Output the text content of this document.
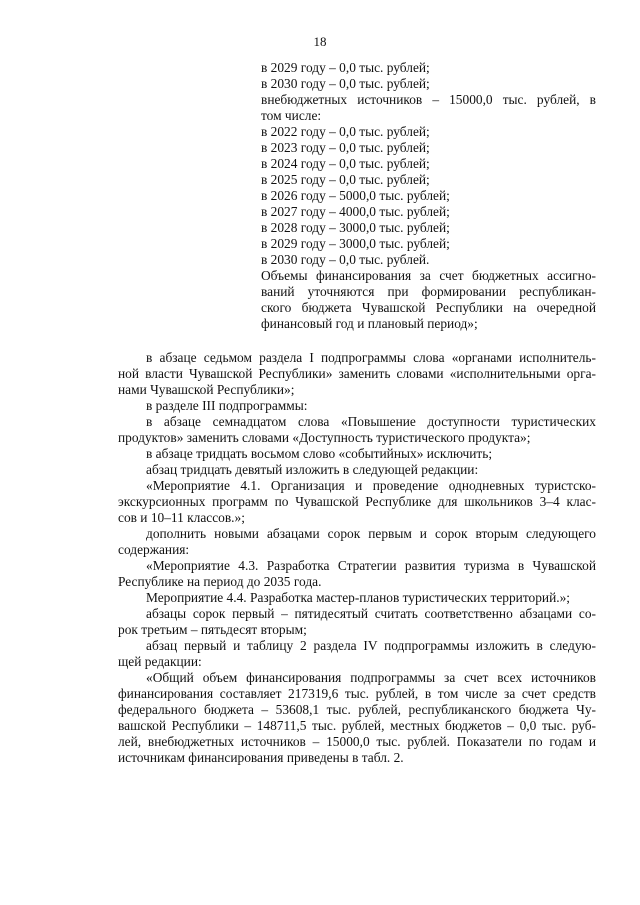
18
в 2029 году – 0,0 тыс. рублей;
в 2030 году – 0,0 тыс. рублей;
внебюджетных источников – 15000,0 тыс. рублей, в
том числе:
в 2022 году – 0,0 тыс. рублей;
в 2023 году – 0,0 тыс. рублей;
в 2024 году – 0,0 тыс. рублей;
в 2025 году – 0,0 тыс. рублей;
в 2026 году – 5000,0 тыс. рублей;
в 2027 году – 4000,0 тыс. рублей;
в 2028 году – 3000,0 тыс. рублей;
в 2029 году – 3000,0 тыс. рублей;
в 2030 году – 0,0 тыс. рублей.
Объемы финансирования за счет бюджетных ассигно-
ваний уточняются при формировании республикан-
ского бюджета Чувашской Республики на очередной
финансовый год и плановый период»;
в абзаце седьмом раздела I подпрограммы слова «органами исполнитель-
ной власти Чувашской Республики» заменить словами «исполнительными орга-
нами Чувашской Республики»;
в разделе III подпрограммы:
в абзаце семнадцатом слова «Повышение доступности туристических
продуктов» заменить словами «Доступность туристического продукта»;
в абзаце тридцать восьмом слово «событийных» исключить;
абзац тридцать девятый изложить в следующей редакции:
«Мероприятие 4.1. Организация и проведение однодневных туристско-
экскурсионных программ по Чувашской Республике для школьников 3–4 клас-
сов и 10–11 классов.»;
дополнить новыми абзацами сорок первым и сорок вторым следующего
содержания:
«Мероприятие 4.3. Разработка Стратегии развития туризма в Чувашской
Республике на период до 2035 года.
Мероприятие 4.4. Разработка мастер-планов туристических территорий.»;
абзацы сорок первый – пятидесятый считать соответственно абзацами со-
рок третьим – пятьдесят вторым;
абзац первый и таблицу 2 раздела IV подпрограммы изложить в следую-
щей редакции:
«Общий объем финансирования подпрограммы за счет всех источников
финансирования составляет 217319,6 тыс. рублей, в том числе за счет средств
федерального бюджета – 53608,1 тыс. рублей, республиканского бюджета Чу-
вашской Республики – 148711,5 тыс. рублей, местных бюджетов – 0,0 тыс. руб-
лей, внебюджетных источников – 15000,0 тыс. рублей. Показатели по годам и
источникам финансирования приведены в табл. 2.
